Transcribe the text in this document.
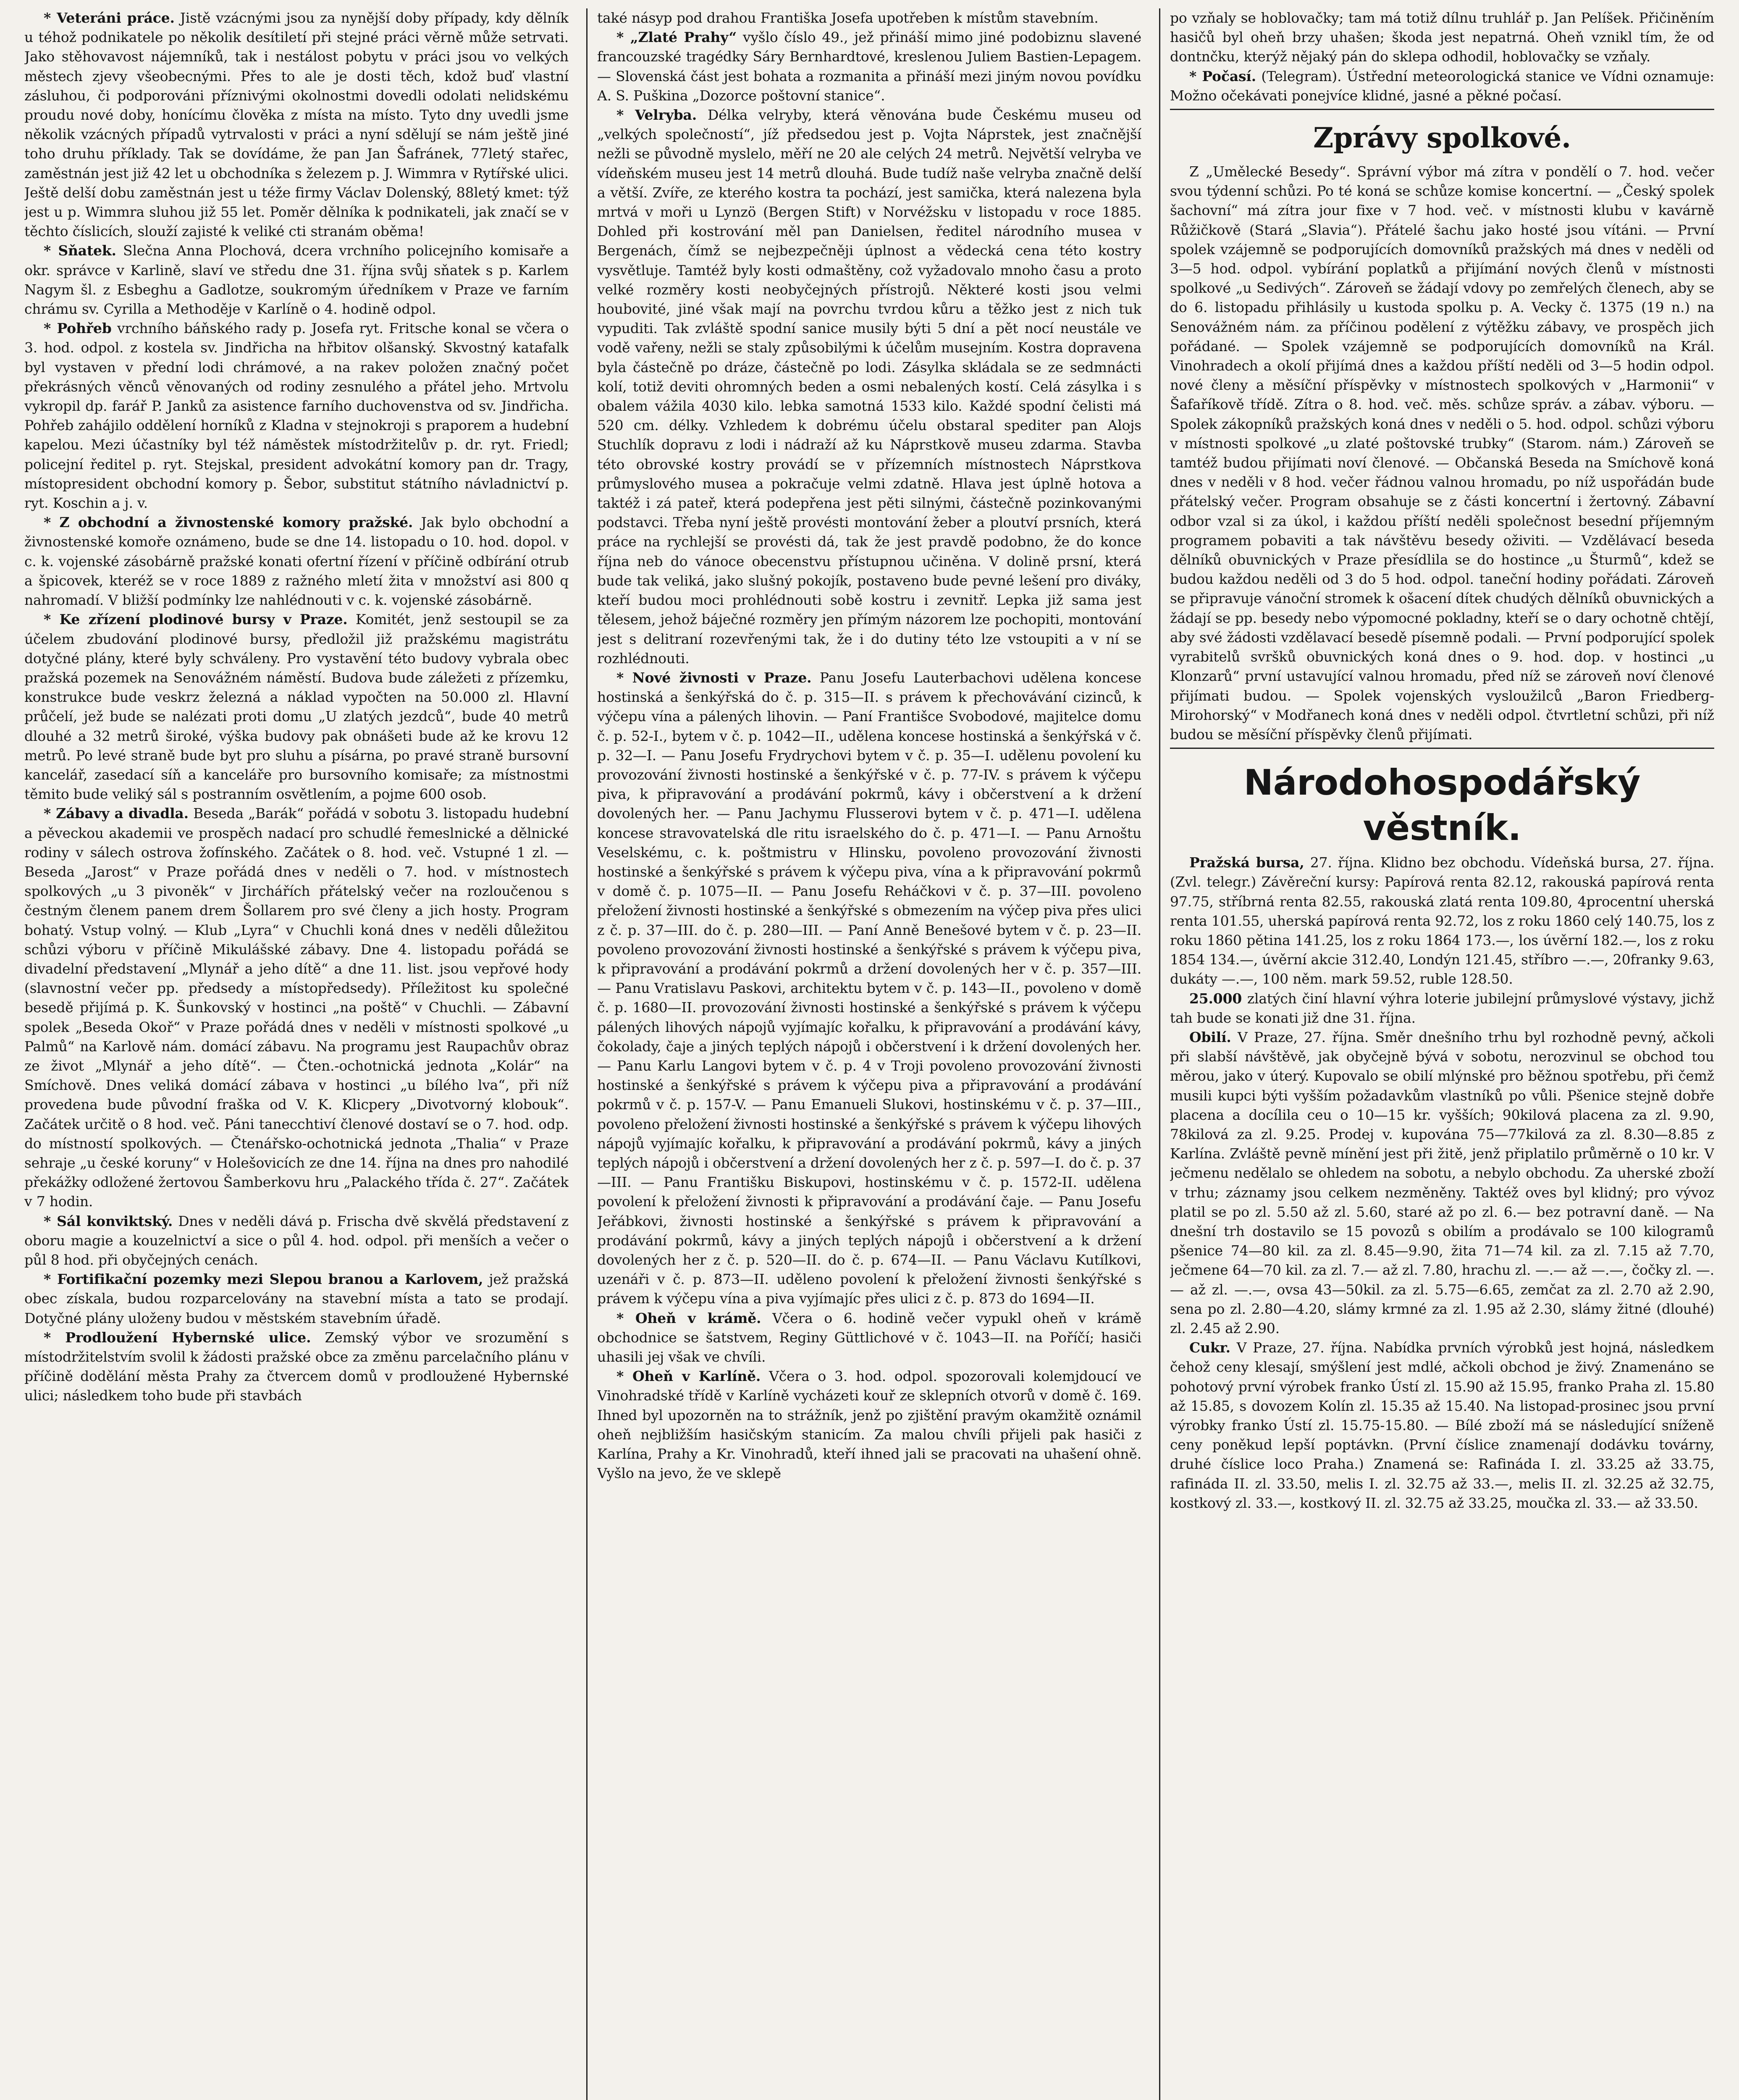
* Veteráni práce. Jistě vzácnými jsou za nynější doby případy, kdy dělník u téhož podnikatele po několik desítiletí při stejné práci věrně může setrvati. Jako stěhovavost nájemníků, tak i nestálost pobytu v práci jsou vo velkých městech zjevy všeobecnými. Přes to ale je dosti těch, kdož buď vlastní zásluhou, či podporováni příznivými okolnostmi dovedli odolati nelidskému proudu nové doby, honícímu člověka z místa na místo. Tyto dny uvedli jsme několik vzácných případů vytrvalosti v práci a nyní sdělují se nám ještě jiné toho druhu příklady. Tak se dovídáme, že pan Jan Šafránek, 77letý stařec, zaměstnán jest již 42 let u obchodníka s železem p. J. Wimmra v Rytířské ulici. Ještě delší dobu zaměstnán jest u téže firmy Václav Dolenský, 88letý kmet: týž jest u p. Wimmra sluhou již 55 let. Poměr dělníka k podnikateli, jak značí se v těchto číslicích, slouží zajisté k veliké cti stranám oběma!

* Sňatek. Slečna Anna Plochová, dcera vrchního policejního komisaře a okr. správce v Karlině, slaví ve středu dne 31. října svůj sňatek s p. Karlem Nagym šl. z Esbeghu a Gadlotze, soukromým úředníkem v Praze ve farním chrámu sv. Cyrilla a Methoděje v Karlíně o 4. hodině odpol.

* Pohřeb vrchního báňského rady p. Josefa ryt. Fritsche konal se včera o 3. hod. odpol. z kostela sv. Jindřicha na hřbitov olšanský. Skvostný katafalk byl vystaven v přední lodi chrámové, a na rakev položen značný počet překrásných věnců věnovaných od rodiny zesnulého a přátel jeho. Mrtvolu vykropil dp. farář P. Janků za asistence farního duchovenstva od sv. Jindřicha. Pohřeb zahájilo oddělení horníků z Kladna v stejnokroji s praporem a hudební kapelou. Mezi účastníky byl též náměstek místodržitelův p. dr. ryt. Friedl; policejní ředitel p. ryt. Stejskal, president advokátní komory pan dr. Tragy, místopresident obchodní komory p. Šebor, substitut státního návladnictví p. ryt. Koschin a j. v.

* Z obchodní a živnostenské komory pražské. Jak bylo obchodní a živnostenské komoře oznámeno, bude se dne 14. listopadu o 10. hod. dopol. v c. k. vojenské zásobárně pražské konati ofertní řízení v příčině odbírání otrub a špicovek, kteréž se v roce 1889 z ražného mletí žita v množství asi 800 q nahromadí. V bližší podmínky lze nahlédnouti v c. k. vojenské zásobárně.

* Ke zřízení plodinové bursy v Praze. Komitét, jenž sestoupil se za účelem zbudování plodinové bursy, předložil již pražskému magistrátu dotyčné plány, které byly schváleny. Pro vystavění této budovy vybrala obec pražská pozemek na Senovážném náměstí. Budova bude záležeti z přízemku, konstrukce bude veskrz železná a náklad vypočten na 50.000 zl. Hlavní průčelí, jež bude se nalézati proti domu „U zlatých jezdců“, bude 40 metrů dlouhé a 32 metrů široké, výška budovy pak obnášeti bude až ke krovu 12 metrů. Po levé straně bude byt pro sluhu a písárna, po pravé straně bursovní kancelář, zasedací síň a kanceláře pro bursovního komisaře; za místnostmi těmito bude veliký sál s postranním osvětlením, a pojme 600 osob.

* Zábavy a divadla. Beseda „Barák“ pořádá v sobotu 3. listopadu hudební a pěveckou akademii ve prospěch nadací pro schudlé řemeslnické a dělnické rodiny v sálech ostrova žofínského. Začátek o 8. hod. več. Vstupné 1 zl. — Beseda „Jarost“ v Praze pořádá dnes v neděli o 7. hod. v místnostech spolkových „u 3 pivoněk“ v Jirchářích přátelský večer na rozloučenou s čestným členem panem drem Šollarem pro své členy a jich hosty. Program bohatý. Vstup volný. — Klub „Lyra“ v Chuchli koná dnes v neděli důležitou schůzi výboru v příčině Mikulášské zábavy. Dne 4. listopadu pořádá se divadelní představení „Mlynář a jeho dítě“ a dne 11. list. jsou vepřové hody (slavnostní večer pp. předsedy a místopředsedy). Příležitost ku společné besedě přijímá p. K. Šunkovský v hostinci „na poště“ v Chuchli. — Zábavní spolek „Beseda Okoř“ v Praze pořádá dnes v neděli v místnosti spolkové „u Palmů“ na Karlově nám. domácí zábavu. Na programu jest Raupachův obraz ze život „Mlynář a jeho dítě“. — Čten.-ochotnická jednota „Kolár“ na Smíchově. Dnes veliká domácí zábava v hostinci „u bílého lva“, při níž provedena bude původní fraška od V. K. Klicpery „Divotvorný klobouk“. Začátek určitě o 8 hod. več. Páni tanecchtiví členové dostaví se o 7. hod. odp. do místností spolkových. — Čtenářsko-ochotnická jednota „Thalia“ v Praze sehraje „u české koruny“ v Holešovicích ze dne 14. října na dnes pro nahodilé překážky odložené žertovou Šamberkovu hru „Palackého třída č. 27“. Začátek v 7 hodin.

* Sál konviktský. Dnes v neděli dává p. Frischa dvě skvělá představení z oboru magie a kouzelnictví a sice o půl 4. hod. odpol. při menších a večer o půl 8 hod. při obyčejných cenách.

* Fortifikační pozemky mezi Slepou branou a Karlovem, jež pražská obec získala, budou rozparcelovány na stavební místa a tato se prodají. Dotyčné plány uloženy budou v městském stavebním úřadě.

* Prodloužení Hybernské ulice. Zemský výbor ve srozumění s místodržitelstvím svolil k žádosti pražské obce za změnu parcelačního plánu v příčině dodělání města Prahy za čtvercem domů v prodloužené Hybernské ulici; následkem toho bude při stavbách

také násyp pod drahou Františka Josefa upotřeben k místům stavebním.

* „Zlaté Prahy“ vyšlo číslo 49., jež přináší mimo jiné podobiznu slavené francouzské tragédky Sáry Bernhardtové, kreslenou Juliem Bastien-Lepagem. — Slovenská část jest bohata a rozmanita a přináší mezi jiným novou povídku A. S. Puškina „Dozorce poštovní stanice“.

* Velryba. Délka velryby, která věnována bude Českému museu od „velkých společností“, jíž předsedou jest p. Vojta Náprstek, jest značnější nežli se původně myslelo, měří ne 20 ale celých 24 metrů. Největší velryba ve vídeňském museu jest 14 metrů dlouhá. Bude tudíž naše velryba značně delší a větší. Zvíře, ze kterého kostra ta pochází, jest samička, která nalezena byla mrtvá v moři u Lynzö (Bergen Stift) v Norvéžsku v listopadu v roce 1885. Dohled při kostrování měl pan Danielsen, ředitel národního musea v Bergenách, čímž se nejbezpečněji úplnost a vědecká cena této kostry vysvětluje. Tamtéž byly kosti odmaštěny, což vyžadovalo mnoho času a proto velké rozměry kosti neobyčejných přístrojů. Některé kosti jsou velmi houbovité, jiné však mají na povrchu tvrdou kůru a těžko jest z nich tuk vypuditi. Tak zvláště spodní sanice musily býti 5 dní a pět nocí neustále ve vodě vařeny, nežli se staly způsobilými k účelům musejním. Kostra dopravena byla částečně po dráze, částečně po lodi. Zásylka skládala se ze sedmnácti kolí, totiž deviti ohromných beden a osmi nebalených kostí. Celá zásylka i s obalem vážila 4030 kilo. lebka samotná 1533 kilo. Každé spodní čelisti má 520 cm. délky. Vzhledem k dobrému účelu obstaral spediter pan Alojs Stuchlík dopravu z lodi i nádraží až ku Náprstkově museu zdarma. Stavba této obrovské kostry provádí se v přízemních místnostech Náprstkova průmyslového musea a pokračuje velmi zdatně. Hlava jest úplně hotova a taktéž i zá pateř, která podepřena jest pěti silnými, částečně pozinkovanými podstavci. Třeba nyní ještě provésti montování žeber a ploutví prsních, která práce na rychlejší se provésti dá, tak že jest pravdě podobno, že do konce října neb do vánoce obecenstvu přístupnou učiněna. V dolině prsní, která bude tak veliká, jako slušný pokojík, postaveno bude pevné lešení pro diváky, kteří budou moci prohlédnouti sobě kostru i zevnitř. Lepka již sama jest tělesem, jehož báječné rozměry jen přímým názorem lze pochopiti, montování jest s delitraní rozevřenými tak, že i do dutiny této lze vstoupiti a v ní se rozhlédnouti.

* Nové živnosti v Praze. Panu Josefu Lauterbachovi udělena koncese hostinská a šenkýřská do č. p. 315—II. s právem k přechovávání cizinců, k výčepu vína a pálených lihovin. — Paní Františce Svobodové, majitelce domu č. p. 52-I., bytem v č. p. 1042—II., udělena koncese hostinská a šenkýřská v č. p. 32—I. — Panu Josefu Frydrychovi bytem v č. p. 35—I. udělenu povolení ku provozování živnosti hostinské a šenkýřské v č. p. 77-IV. s právem k výčepu piva, k připravování a prodávání pokrmů, kávy i občerstvení a k držení dovolených her. — Panu Jachymu Flusserovi bytem v č. p. 471—I. udělena koncese stravovatelská dle ritu israelského do č. p. 471—I. — Panu Arnoštu Veselskému, c. k. poštmistru v Hlinsku, povoleno provozování živnosti hostinské a šenkýřské s právem k výčepu piva, vína a k připravování pokrmů v domě č. p. 1075—II. — Panu Josefu Reháčkovi v č. p. 37—III. povoleno přeložení živnosti hostinské a šenkýřské s obmezením na výčep piva přes ulici z č. p. 37—III. do č. p. 280—III. — Paní Anně Benešové bytem v č. p. 23—II. povoleno provozování živnosti hostinské a šenkýřské s právem k výčepu piva, k připravování a prodávání pokrmů a držení dovolených her v č. p. 357—III. — Panu Vratislavu Paskovi, architektu bytem v č. p. 143—II., povoleno v domě č. p. 1680—II. provozování živnosti hostinské a šenkýřské s právem k výčepu pálených lihových nápojů vyjímajíc kořalku, k připravování a prodávání kávy, čokolady, čaje a jiných teplých nápojů i občerstvení i k držení dovolených her. — Panu Karlu Langovi bytem v č. p. 4 v Troji povoleno provozování živnosti hostinské a šenkýřské s právem k výčepu piva a připravování a prodávání pokrmů v č. p. 157-V. — Panu Emanueli Slukovi, hostinskému v č. p. 37—III., povoleno přeložení živnosti hostinské a šenkýřské s právem k výčepu lihových nápojů vyjímajíc kořalku, k připravování a prodávání pokrmů, kávy a jiných teplých nápojů i občerstvení a držení dovolených her z č. p. 597—I. do č. p. 37—III. — Panu Františku Biskupovi, hostinskému v č. p. 1572-II. udělena povolení k přeložení živnosti k připravování a prodávání čaje. — Panu Josefu Jeřábkovi, živnosti hostinské a šenkýřské s právem k připravování a prodávání pokrmů, kávy a jiných teplých nápojů i občerstvení a k držení dovolených her z č. p. 520—II. do č. p. 674—II. — Panu Václavu Kutílkovi, uzenáři v č. p. 873—II. uděleno povolení k přeložení živnosti šenkýřské s právem k výčepu vína a piva vyjímajíc přes ulici z č. p. 873 do 1694—II.

* Oheň v krámě. Včera o 6. hodině večer vypukl oheň v krámě obchodnice se šatstvem, Reginy Güttlichové v č. 1043—II. na Poříčí; hasiči uhasili jej však ve chvíli.

* Oheň v Karlíně. Včera o 3. hod. odpol. spozorovali kolemjdoucí ve Vinohradské třídě v Karlíně vycházeti kouř ze sklepních otvorů v domě č. 169. Ihned byl upozorněn na to strážník, jenž po zjištění pravým okamžitě oznámil oheň nejbližším hasičským stanicím. Za malou chvíli přijeli pak hasiči z Karlína, Prahy a Kr. Vinohradů, kteří ihned jali se pracovati na uhašení ohně. Vyšlo na jevo, že ve sklepě

po vzňaly se hoblovačky; tam má totiž dílnu truhlář p. Jan Pelíšek. Přičiněním hasičů byl oheň brzy uhašen; škoda jest nepatrná. Oheň vznikl tím, že od dontnčku, kterýž nějaký pán do sklepa odhodil, hoblovačky se vzňaly.

* Počasí. (Telegram). Ústřední meteorologická stanice ve Vídni oznamuje: Možno očekávati ponejvíce klidné, jasné a pěkné počasí.

Zprávy spolkové.

Z „Umělecké Besedy“. Správní výbor má zítra v pondělí o 7. hod. večer svou týdenní schůzi. Po té koná se schůze komise koncertní. — „Český spolek šachovní“ má zítra jour fixe v 7 hod. več. v místnosti klubu v kavárně Růžičkově (Stará „Slavia“). Přátelé šachu jako hosté jsou vítáni. — První spolek vzájemně se podporujících domovníků pražských má dnes v neděli od 3—5 hod. odpol. vybírání poplatků a přijímání nových členů v místnosti spolkové „u Sedivých“. Zároveň se žádají vdovy po zemřelých členech, aby se do 6. listopadu přihlásily u kustoda spolku p. A. Vecky č. 1375 (19 n.) na Senovážném nám. za příčinou podělení z výtěžku zábavy, ve prospěch jich pořádané. — Spolek vzájemně se podporujících domovníků na Král. Vinohradech a okolí přijímá dnes a každou příští neděli od 3—5 hodin odpol. nové členy a měsíční příspěvky v místnostech spolkových v „Harmonii“ v Šafaříkově třídě. Zítra o 8. hod. več. měs. schůze správ. a zábav. výboru. — Spolek zákopníků pražských koná dnes v neděli o 5. hod. odpol. schůzi výboru v místnosti spolkové „u zlaté poštovské trubky“ (Starom. nám.) Zároveň se tamtéž budou přijímati noví členové. — Občanská Beseda na Smíchově koná dnes v neděli v 8 hod. večer řádnou valnou hromadu, po níž uspořádán bude přátelský večer. Program obsahuje se z části koncertní i žertovný. Zábavní odbor vzal si za úkol, i každou příští neděli společnost besední příjemným programem pobaviti a tak návštěvu besedy oživiti. — Vzdělávací beseda dělníků obuvnických v Praze přesídlila se do hostince „u Šturmů“, kdež se budou každou neděli od 3 do 5 hod. odpol. taneční hodiny pořádati. Zároveň se připravuje vánoční stromek k ošacení dítek chudých dělníků obuvnických a žádají se pp. besedy nebo výpomocné pokladny, kteří se o dary ochotně chtějí, aby své žádosti vzdělavací besedě písemně podali. — První podporující spolek vyrabitelů svršků obuvnických koná dnes o 9. hod. dop. v hostinci „u Klonzarů“ první ustavující valnou hromadu, před níž se zároveň noví členové přijímati budou. — Spolek vojenských vysloužilců „Baron Friedberg-Mirohorský“ v Modřanech koná dnes v neděli odpol. čtvrtletní schůzi, při níž budou se měsíční příspěvky členů přijímati.

Národohospodářský věstník.

Pražská bursa, 27. října. Klidno bez obchodu. Vídeňská bursa, 27. října. (Zvl. telegr.) Závěreční kursy: Papírová renta 82.12, rakouská papírová renta 97.75, stříbrná renta 82.55, rakouská zlatá renta 109.80, 4procentní uherská renta 101.55, uherská papírová renta 92.72, los z roku 1860 celý 140.75, los z roku 1860 pětina 141.25, los z roku 1864 173.—, los úvěrní 182.—, los z roku 1854 134.—, úvěrní akcie 312.40, Londýn 121.45, stříbro —.—, 20franky 9.63, dukáty —.—, 100 něm. mark 59.52, ruble 128.50.

25.000 zlatých činí hlavní výhra loterie jubilejní průmyslové výstavy, jichž tah bude se konati již dne 31. října.

Obilí. V Praze, 27. října. Směr dnešního trhu byl rozhodně pevný, ačkoli při slabší návštěvě, jak obyčejně bývá v sobotu, nerozvinul se obchod tou měrou, jako v úterý. Kupovalo se obilí mlýnské pro běžnou spotřebu, při čemž musili kupci býti vyšším požadavkům vlastníků po vůli. Pšenice stejně dobře placena a docílila ceu o 10—15 kr. vyšších; 90kilová placena za zl. 9.90, 78kilová za zl. 9.25. Prodej v. kupována 75—77kilová za zl. 8.30—8.85 z Karlína. Zvláště pevně mínění jest při žitě, jenž připlatilo průměrně o 10 kr. V ječmenu nedělalo se ohledem na sobotu, a nebylo obchodu. Za uherské zboží v trhu; záznamy jsou celkem nezměněny. Taktéž oves byl klidný; pro vývoz platil se po zl. 5.50 až zl. 5.60, staré až po zl. 6.— bez potravní daně. — Na dnešní trh dostavilo se 15 povozů s obilím a prodávalo se 100 kilogramů pšenice 74—80 kil. za zl. 8.45—9.90, žita 71—74 kil. za zl. 7.15 až 7.70, ječmene 64—70 kil. za zl. 7.— až zl. 7.80, hrachu zl. —.— až —.—, čočky zl. —.— až zl. —.—, ovsa 43—50kil. za zl. 5.75—6.65, zemčat za zl. 2.70 až 2.90, sena po zl. 2.80—4.20, slámy krmné za zl. 1.95 až 2.30, slámy žitné (dlouhé) zl. 2.45 až 2.90.

Cukr. V Praze, 27. října. Nabídka prvních výrobků jest hojná, následkem čehož ceny klesají, smýšlení jest mdlé, ačkoli obchod je živý. Znamenáno se pohotový první výrobek franko Ústí zl. 15.90 až 15.95, franko Praha zl. 15.80 až 15.85, s dovozem Kolín zl. 15.35 až 15.40. Na listopad-prosinec jsou první výrobky franko Ústí zl. 15.75-15.80. — Bílé zboží má se následující sníženě ceny poněkud lepší poptávkn. (První číslice znamenají dodávku továrny, druhé číslice loco Praha.) Znamená se: Rafináda I. zl. 33.25 až 33.75, rafináda II. zl. 33.50, melis I. zl. 32.75 až 33.—, melis II. zl. 32.25 až 32.75, kostkový zl. 33.—, kostkový II. zl. 32.75 až 33.25, moučka zl. 33.— až 33.50.
